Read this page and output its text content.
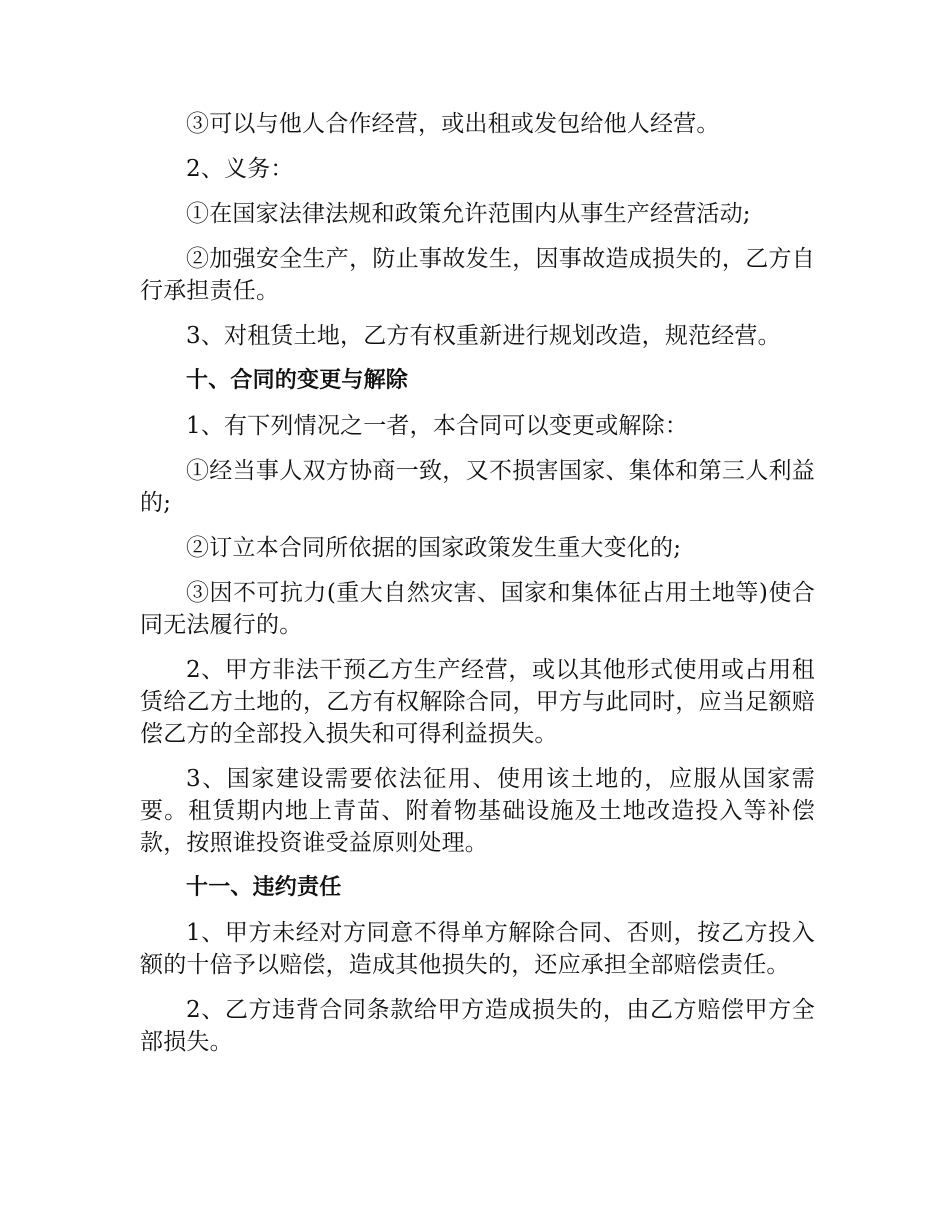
③可以与他人合作经营，或出租或发包给他人经营。

2、义务：

①在国家法律法规和政策允许范围内从事生产经营活动;

②加强安全生产，防止事故发生，因事故造成损失的，乙方自行承担责任。

3、对租赁土地，乙方有权重新进行规划改造，规范经营。

十、合同的变更与解除

1、有下列情况之一者，本合同可以变更或解除：

①经当事人双方协商一致，又不损害国家、集体和第三人利益的;

②订立本合同所依据的国家政策发生重大变化的;

③因不可抗力(重大自然灾害、国家和集体征占用土地等)使合同无法履行的。

2、甲方非法干预乙方生产经营，或以其他形式使用或占用租赁给乙方土地的，乙方有权解除合同，甲方与此同时，应当足额赔偿乙方的全部投入损失和可得利益损失。

3、国家建设需要依法征用、使用该土地的，应服从国家需要。租赁期内地上青苗、附着物基础设施及土地改造投入等补偿款，按照谁投资谁受益原则处理。

十一、违约责任

1、甲方未经对方同意不得单方解除合同、否则，按乙方投入额的十倍予以赔偿，造成其他损失的，还应承担全部赔偿责任。

2、乙方违背合同条款给甲方造成损失的，由乙方赔偿甲方全部损失。
